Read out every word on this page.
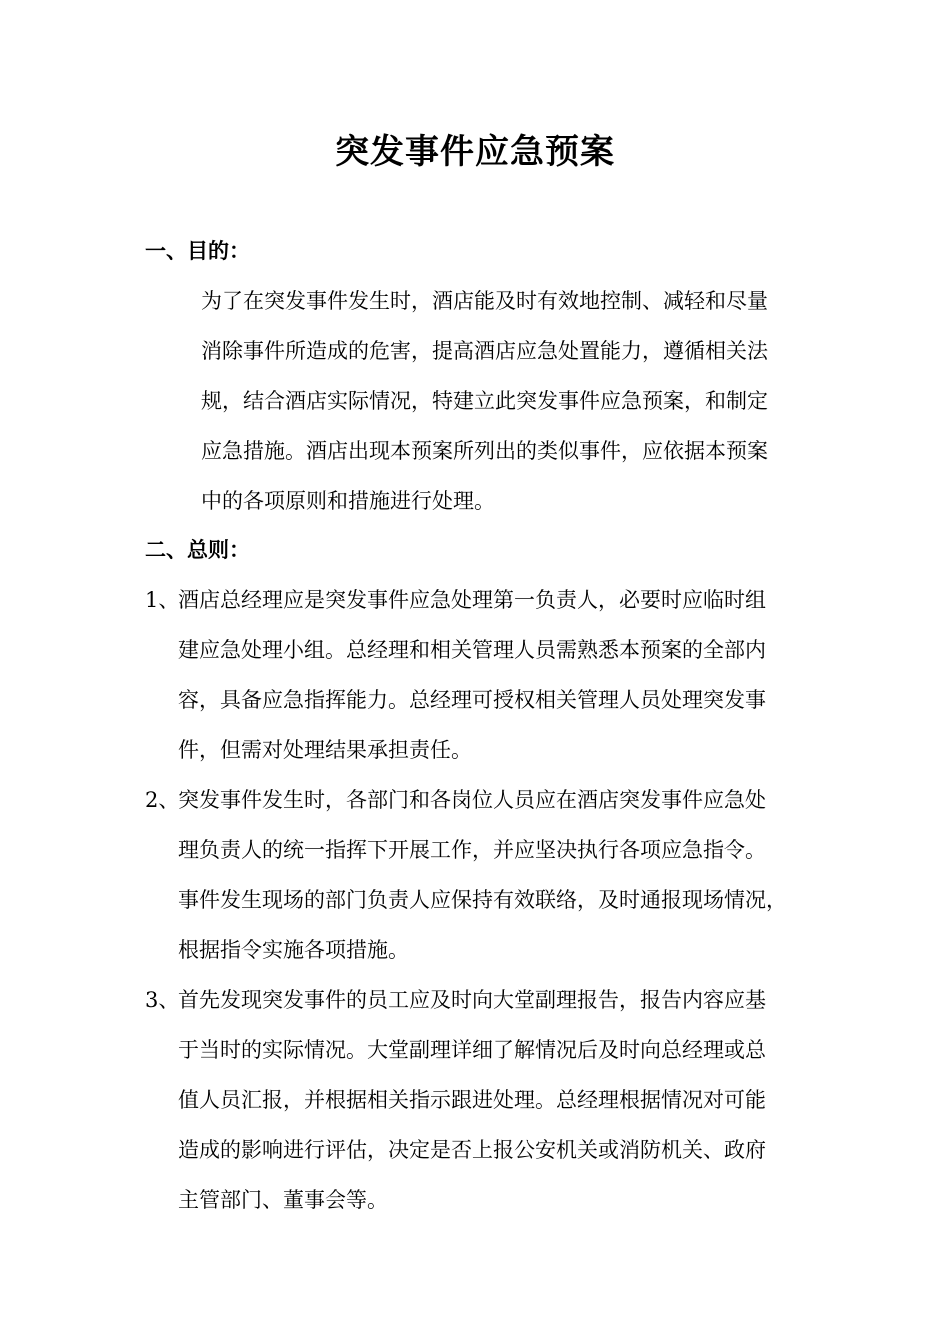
突发事件应急预案
一、目的：
为了在突发事件发生时，酒店能及时有效地控制、减轻和尽量
消除事件所造成的危害，提高酒店应急处置能力，遵循相关法
规，结合酒店实际情况，特建立此突发事件应急预案，和制定
应急措施。酒店出现本预案所列出的类似事件，应依据本预案
中的各项原则和措施进行处理。
二、总则：
1、
酒店总经理应是突发事件应急处理第一负责人，必要时应临时组
建应急处理小组。总经理和相关管理人员需熟悉本预案的全部内
容，具备应急指挥能力。总经理可授权相关管理人员处理突发事
件，但需对处理结果承担责任。
2、
突发事件发生时，各部门和各岗位人员应在酒店突发事件应急处
理负责人的统一指挥下开展工作，并应坚决执行各项应急指令。
事件发生现场的部门负责人应保持有效联络，及时通报现场情况，
根据指令实施各项措施。
3、
首先发现突发事件的员工应及时向大堂副理报告，报告内容应基
于当时的实际情况。大堂副理详细了解情况后及时向总经理或总
值人员汇报，并根据相关指示跟进处理。总经理根据情况对可能
造成的影响进行评估，决定是否上报公安机关或消防机关、政府
主管部门、董事会等。
